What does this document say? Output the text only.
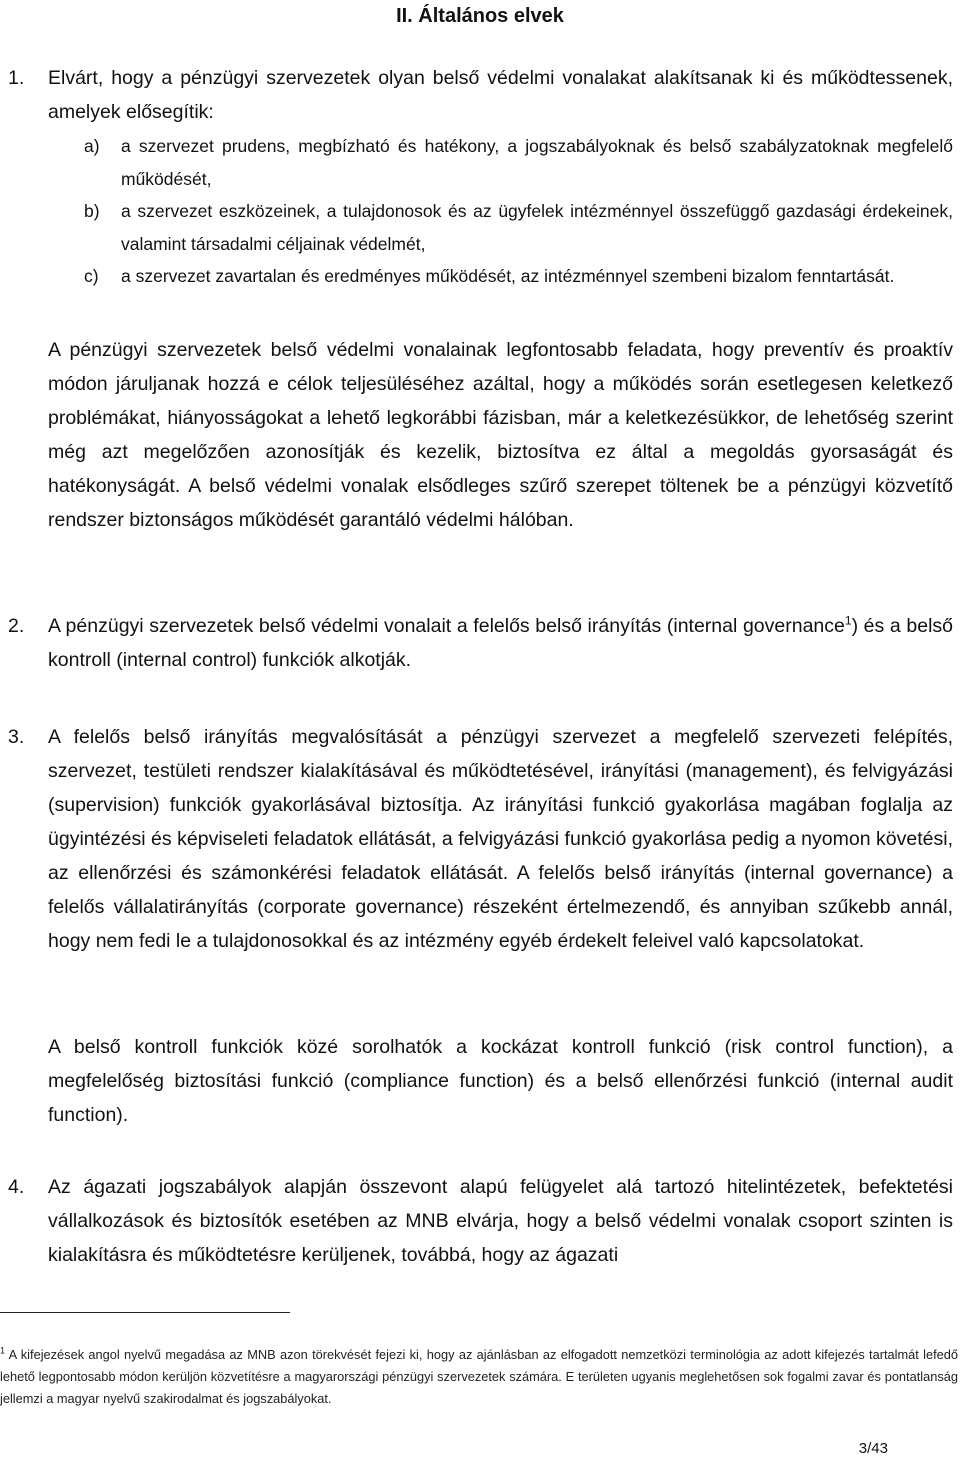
II. Általános elvek
1. Elvárt, hogy a pénzügyi szervezetek olyan belső védelmi vonalakat alakítsanak ki és működtessenek, amelyek elősegítik:
a) a szervezet prudens, megbízható és hatékony, a jogszabályoknak és belső szabályzatoknak megfelelő működését,
b) a szervezet eszközeinek, a tulajdonosok és az ügyfelek intézménnyel összefüggő gazdasági érdekeinek, valamint társadalmi céljainak védelmét,
c) a szervezet zavartalan és eredményes működését, az intézménnyel szembeni bizalom fenntartását.
A pénzügyi szervezetek belső védelmi vonalainak legfontosabb feladata, hogy preventív és proaktív módon járuljanak hozzá e célok teljesüléséhez azáltal, hogy a működés során esetlegesen keletkező problémákat, hiányosságokat a lehető legkorábbi fázisban, már a keletkezésükkor, de lehetőség szerint még azt megelőzően azonosítják és kezelik, biztosítva ez által a megoldás gyorsaságát és hatékonyságát. A belső védelmi vonalak elsődleges szűrő szerepet töltenek be a pénzügyi közvetítő rendszer biztonságos működését garantáló védelmi hálóban.
2. A pénzügyi szervezetek belső védelmi vonalait a felelős belső irányítás (internal governance$^1$) és a belső kontroll (internal control) funkciók alkotják.
3. A felelős belső irányítás megvalósítását a pénzügyi szervezet a megfelelő szervezeti felépítés, szervezet, testületi rendszer kialakításával és működtetésével, irányítási (management), és felvigyázási (supervision) funkciók gyakorlásával biztosítja. Az irányítási funkció gyakorlása magában foglalja az ügyintézési és képviseleti feladatok ellátását, a felvigyázási funkció gyakorlása pedig a nyomon követési, az ellenőrzési és számonkérési feladatok ellátását. A felelős belső irányítás (internal governance) a felelős vállalatirányítás (corporate governance) részeként értelmezendő, és annyiban szűkebb annál, hogy nem fedi le a tulajdonosokkal és az intézmény egyéb érdekelt feleivel való kapcsolatokat.
A belső kontroll funkciók közé sorolhatók a kockázat kontroll funkció (risk control function), a megfelelőség biztosítási funkció (compliance function) és a belső ellenőrzési funkció (internal audit function).
4. Az ágazati jogszabályok alapján összevont alapú felügyelet alá tartozó hitelintézetek, befektetési vállalkozások és biztosítók esetében az MNB elvárja, hogy a belső védelmi vonalak csoport szinten is kialakításra és működtetésre kerüljenek, továbbá, hogy az ágazati
$^1$ A kifejezések angol nyelvű megadása az MNB azon törekvését fejezi ki, hogy az ajánlásban az elfogadott nemzetközi terminológia az adott kifejezés tartalmát lefedő lehető legpontosabb módon kerüljön közvetítésre a magyarországi pénzügyi szervezetek számára. E területen ugyanis meglehetősen sok fogalmi zavar és pontatlanság jellemzi a magyar nyelvű szakirodalmat és jogszabályokat.
3/43
